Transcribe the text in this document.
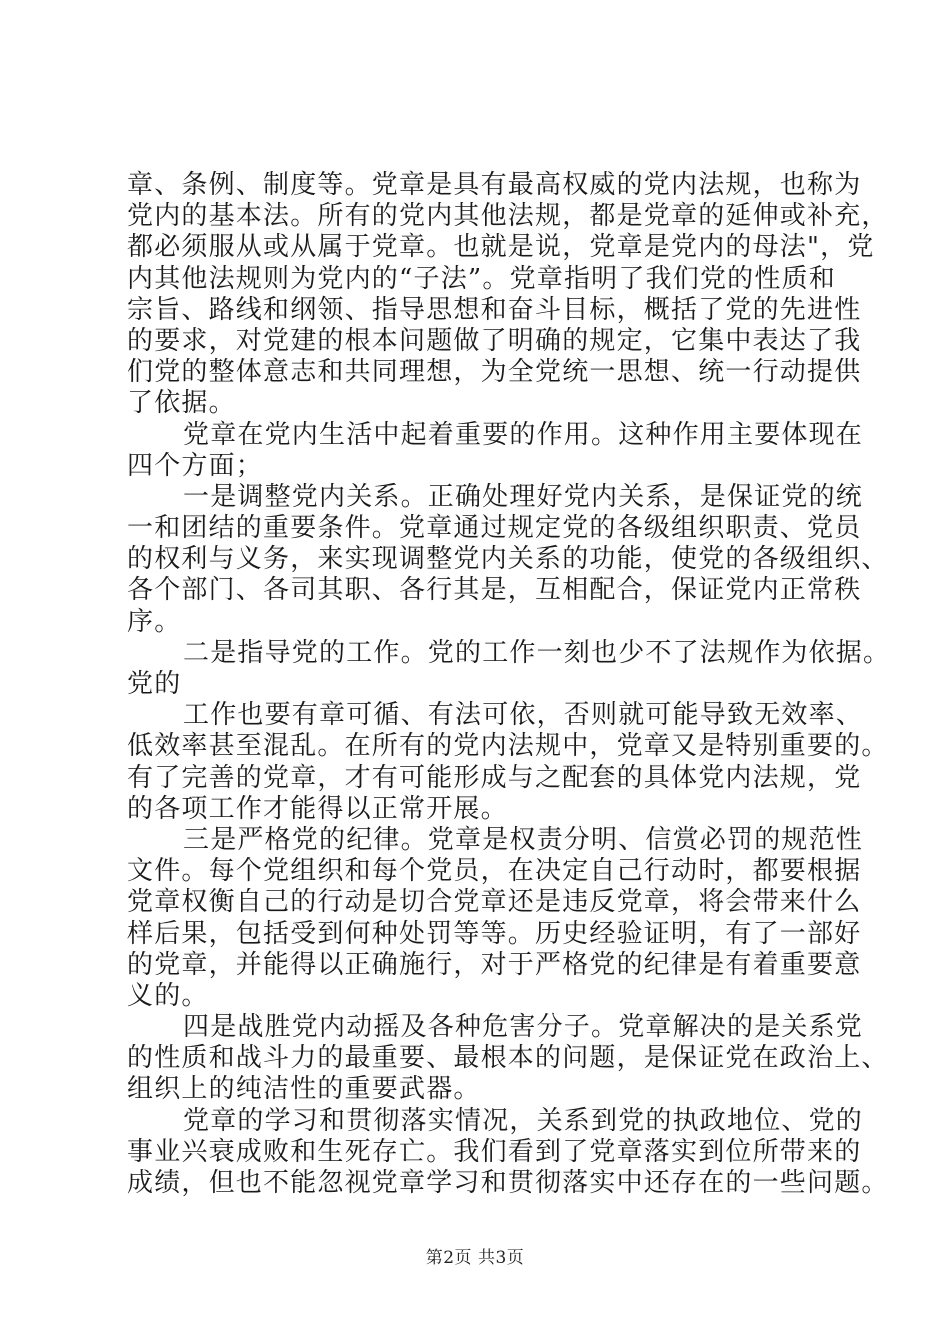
章、条例、制度等。党章是具有最高权威的党内法规，也称为
党内的基本法。所有的党内其他法规，都是党章的延伸或补充，
都必须服从或从属于党章。也就是说，党章是党内的母法"，党
内其他法规则为党内的“子法”。党章指明了我们党的性质和
宗旨、路线和纲领、指导思想和奋斗目标，概括了党的先进性
的要求，对党建的根本问题做了明确的规定，它集中表达了我
们党的整体意志和共同理想，为全党统一思想、统一行动提供
了依据。
党章在党内生活中起着重要的作用。这种作用主要体现在
四个方面；
一是调整党内关系。正确处理好党内关系，是保证党的统
一和团结的重要条件。党章通过规定党的各级组织职责、党员
的权利与义务，来实现调整党内关系的功能，使党的各级组织、
各个部门、各司其职、各行其是，互相配合，保证党内正常秩
序。
二是指导党的工作。党的工作一刻也少不了法规作为依据。
党的
工作也要有章可循、有法可依，否则就可能导致无效率、
低效率甚至混乱。在所有的党内法规中，党章又是特别重要的。
有了完善的党章，才有可能形成与之配套的具体党内法规，党
的各项工作才能得以正常开展。
三是严格党的纪律。党章是权责分明、信赏必罚的规范性
文件。每个党组织和每个党员，在决定自己行动时，都要根据
党章权衡自己的行动是切合党章还是违反党章，将会带来什么
样后果，包括受到何种处罚等等。历史经验证明，有了一部好
的党章，并能得以正确施行，对于严格党的纪律是有着重要意
义的。
四是战胜党内动摇及各种危害分子。党章解决的是关系党
的性质和战斗力的最重要、最根本的问题，是保证党在政治上、
组织上的纯洁性的重要武器。
党章的学习和贯彻落实情况，关系到党的执政地位、党的
事业兴衰成败和生死存亡。我们看到了党章落实到位所带来的
成绩，但也不能忽视党章学习和贯彻落实中还存在的一些问题。
第2页 共3页
